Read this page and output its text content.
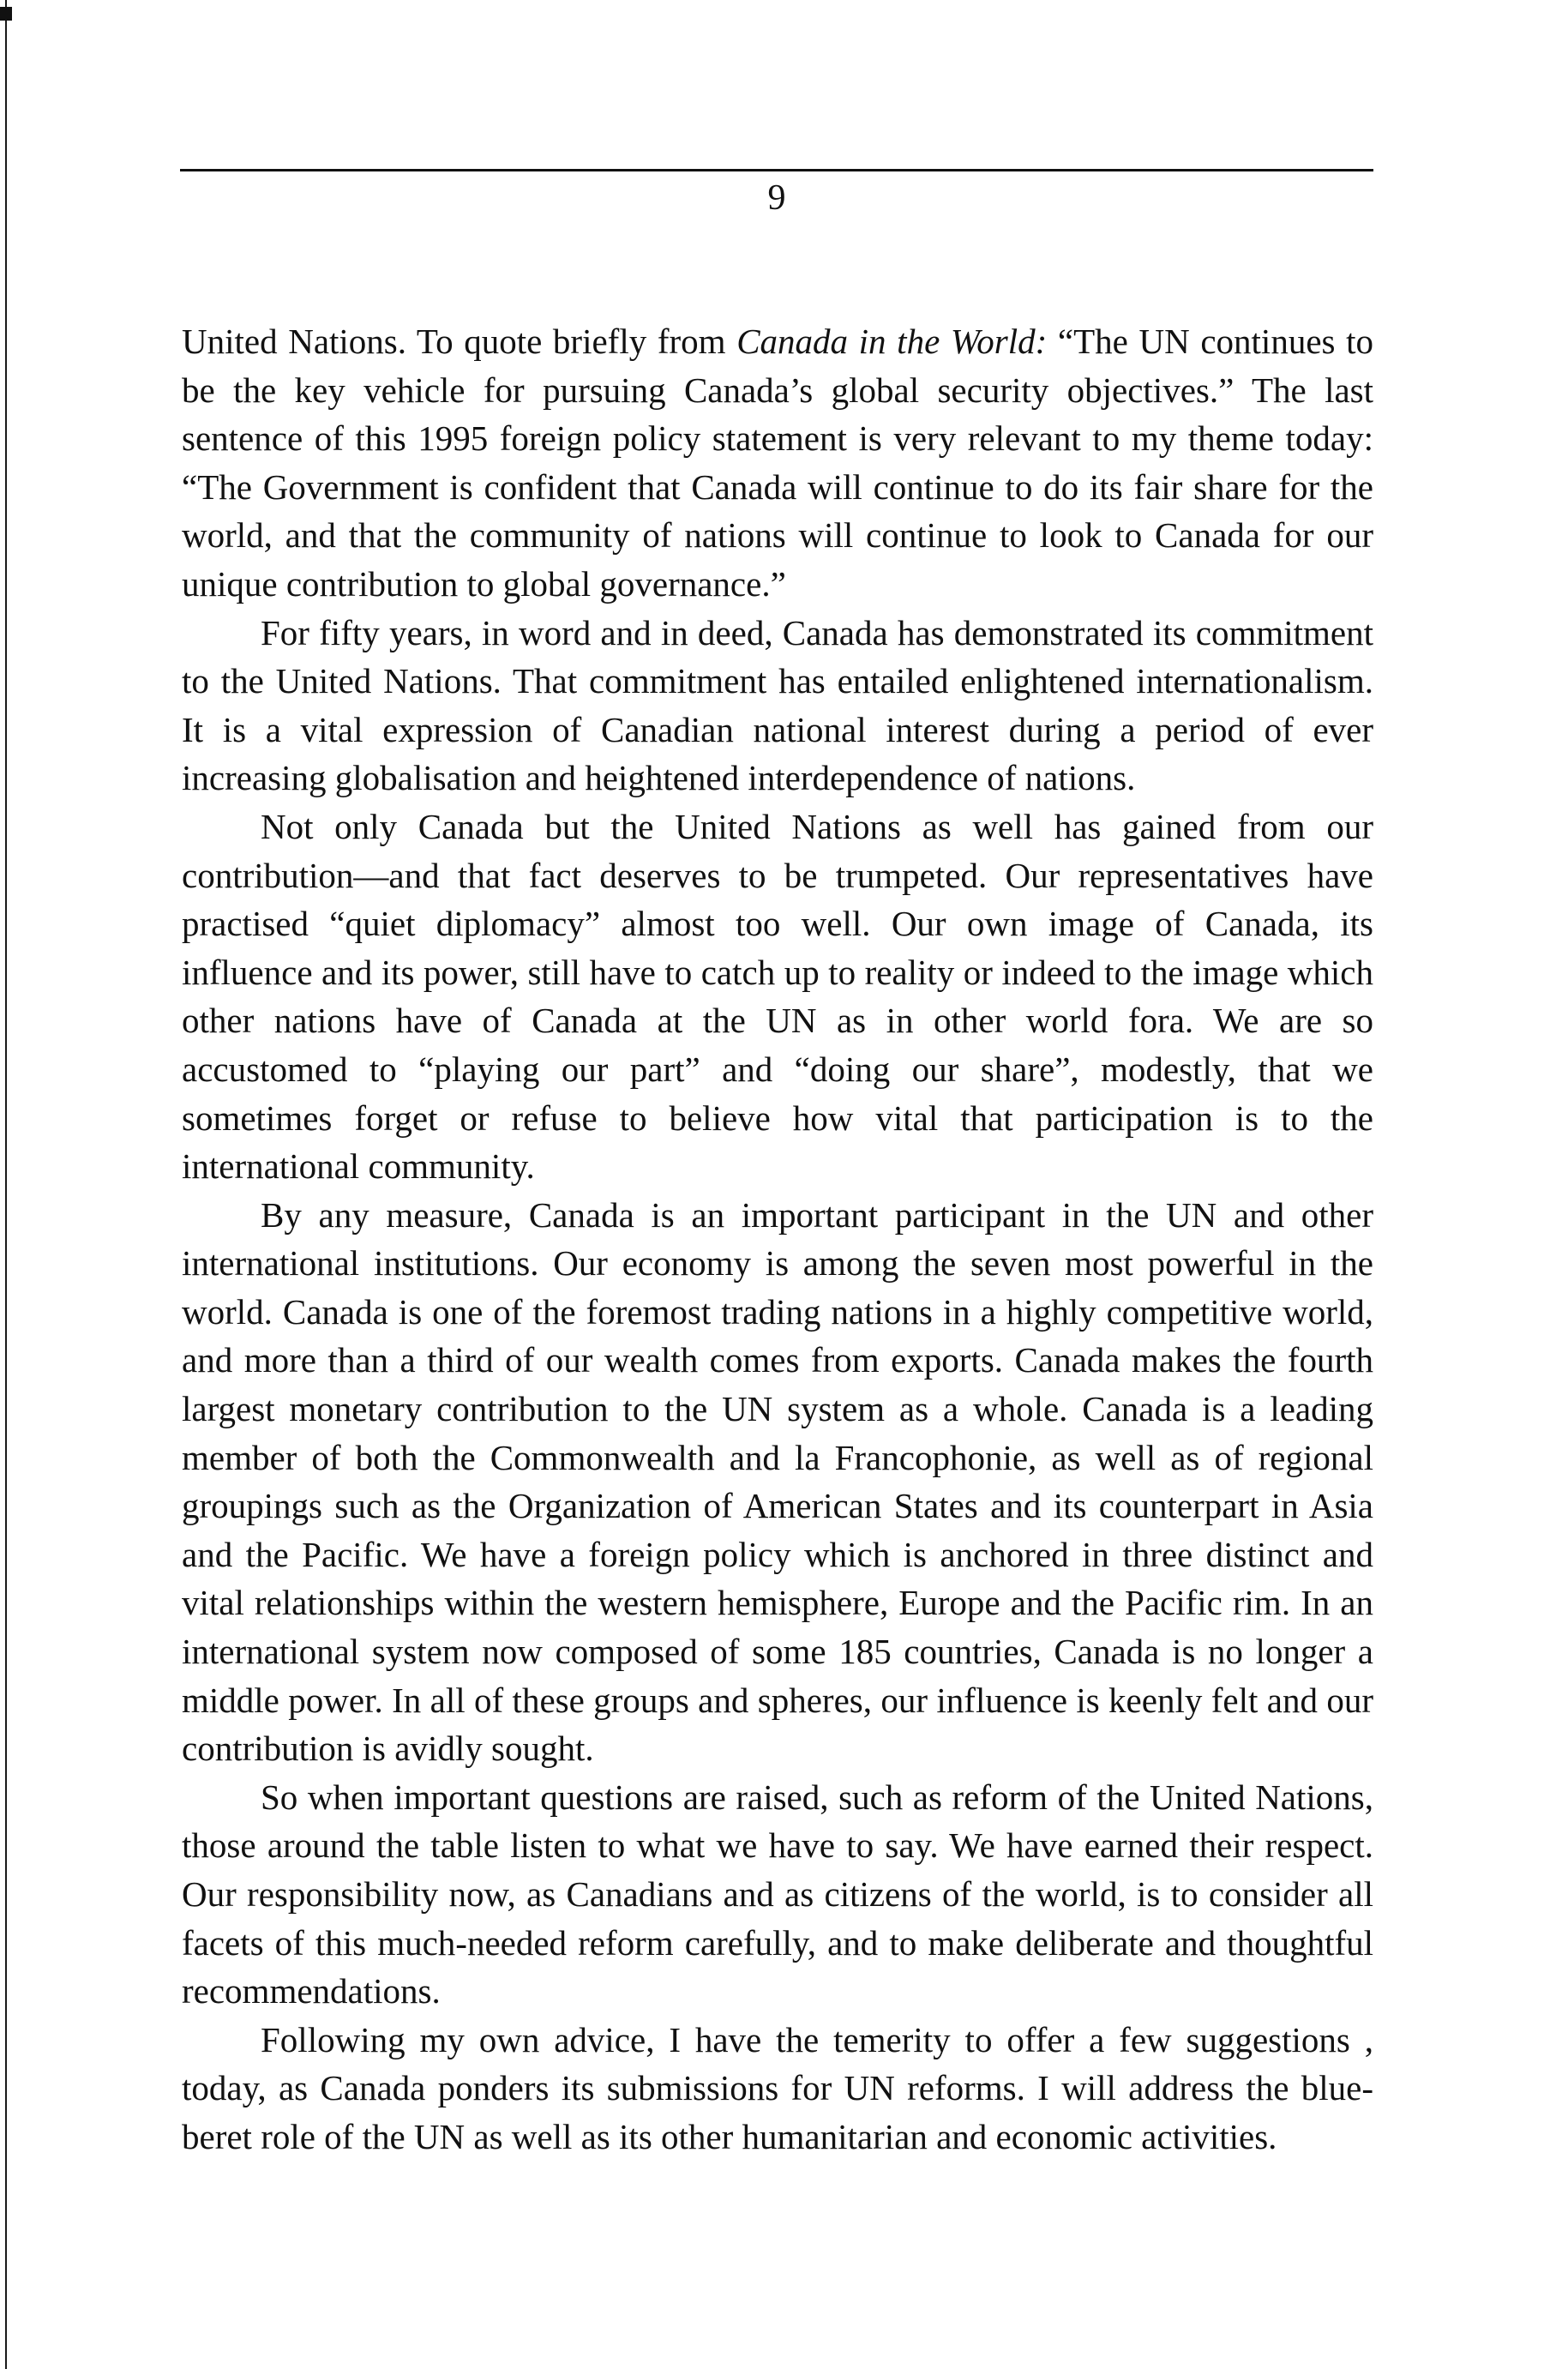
9

United Nations. To quote briefly from Canada in the World: “The UN continues to be the key vehicle for pursuing Canada’s global security objectives.” The last sentence of this 1995 foreign policy statement is very relevant to my theme today: “The Government is confident that Canada will continue to do its fair share for the world, and that the community of nations will continue to look to Canada for our unique contribution to global governance.”

For fifty years, in word and in deed, Canada has demonstrated its commitment to the United Nations. That commitment has entailed enlightened internationalism. It is a vital expression of Canadian national interest during a period of ever increasing globalisation and heightened interdependence of nations.

Not only Canada but the United Nations as well has gained from our contribution—and that fact deserves to be trumpeted. Our representatives have practised “quiet diplomacy” almost too well. Our own image of Canada, its influence and its power, still have to catch up to reality or indeed to the image which other nations have of Canada at the UN as in other world fora. We are so accustomed to “playing our part” and “doing our share”, modestly, that we sometimes forget or refuse to believe how vital that participation is to the international community.

By any measure, Canada is an important participant in the UN and other international institutions. Our economy is among the seven most powerful in the world. Canada is one of the foremost trading nations in a highly competitive world, and more than a third of our wealth comes from exports. Canada makes the fourth largest monetary contribution to the UN system as a whole. Canada is a leading member of both the Commonwealth and la Francophonie, as well as of regional groupings such as the Organization of American States and its counterpart in Asia and the Pacific. We have a foreign policy which is anchored in three distinct and vital relationships within the western hemisphere, Europe and the Pacific rim. In an international system now composed of some 185 countries, Canada is no longer a middle power. In all of these groups and spheres, our influence is keenly felt and our contribution is avidly sought.

So when important questions are raised, such as reform of the United Nations, those around the table listen to what we have to say. We have earned their respect. Our responsibility now, as Canadians and as citizens of the world, is to consider all facets of this much-needed reform carefully, and to make deliberate and thoughtful recommendations.

Following my own advice, I have the temerity to offer a few suggestions , today, as Canada ponders its submissions for UN reforms. I will address the blue-beret role of the UN as well as its other humanitarian and economic activities.
